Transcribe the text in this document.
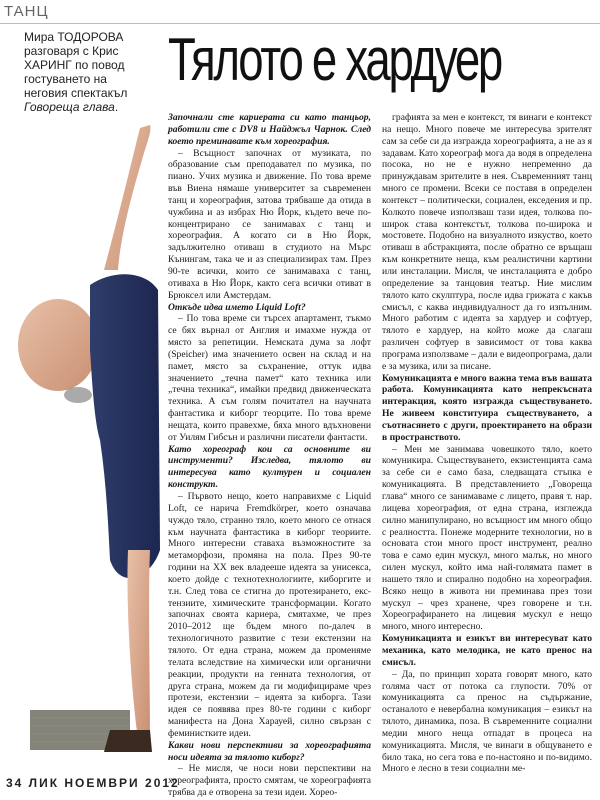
ТАНЦ
Мира ТОДОРОВА разговаря с Крис ХАРИНГ по повод гостуването на неговия спектакъл Говореща глава.
Тялото е хардуер

Започнали сте кариерата си като танцьор, работили сте с DV8 и Найджъл Чарнок. След което преминавате към хореография.

– Всъщност започнах от музиката, по образование съм преподавател по музика, по пиано. Учих музика и движение. По това време във Виена нямаше университет за съвременен танц и хореография, затова трябваше да отида в чужбина и аз избрах Ню Йорк, където вече по-концентрирано се занимавах с танц и хореография. А когато си в Ню Йорк, задължително отиваш в студиото на Мърс Кънингам, така че и аз специализирах там. През 90-те всички, които се занимаваха с танц, отиваха в Ню Йорк, както сега всички отиват в Брюксел или Амстердам.

Откъде идва името Liquid Loft?

– По това време си търсех апартамент, тъкмо се бях върнал от Англия и имахме нужда от място за репетиции. Немската дума за лофт (Speicher) има значението освен на склад и на памет, място за съхранение, оттук идва значението „течна памет“ като техника или „течна техника“, имайки предвид движенческата техника. А съм голям почитател на научната фантастика и киборг теорците. По това време нещата, които правехме, бяха много вдъхновени от Уилям Гибсън и различни писатели фантасти.

Като хореограф кои са основните ви инструменти? Изследва, тялото ви интересува като културен и социален конструкт.

– Първото нещо, което направихме с Liquid Loft, се нарича Fremdkörper, което означава чуждо тяло, странно тяло, което много се отнася към научната фантастика в киборг теориите. Много интересни ставаха възможностите за метаморфози, промяна на пола. През 90-те години на ХХ век владееше идеята за унисекса, което дойде с технотехнологиите, киборгите и т.н. След това се стигна до протезирането, екс-тензиите, химическите трансформации. Когато започнах своята кариера, смятахме, че през 2010–2012 ще бъдем много по-далеч в технологичното развитие с тези екстензии на тялото. От една страна, можем да променяме телата вследствие на химически или органични реакции, продукти на генната технология, от друга страна, можем да ги модифицираме чрез протези, екстензии – идеята за киборга. Тази идея се появява през 80-те години с киборг манифеста на Дона Харауей, силно свързан с феминистките идеи.

Какви нови перспективи за хореографията носи идеята за тялото киборг?

– Не мисля, че носи нови перспективи на хореографията, просто смятам, че хореографията трябва да е отворена за тези идеи. Хорео-

графията за мен е контекст, тя винаги е контекст на нещо. Много повече ме интересува зрителят сам за себе си да изгражда хореографията, а не аз я задавам. Като хореограф мога да водя в определена посока, но не е нужно непременно да принуждавам зрителите в нея. Съвременният танц много се промени. Всеки се поставя в определен контекст – политически, социален, екседения и пр. Колкото повече използваш тази идея, толкова по-широк става контекстът, толкова по-широка и мостовете. Подобно на визуалното изкуство, което отиваш в абстракцията, после обратно се връщаш към конкретните неща, към реалистични картини или инсталации. Мисля, че инсталацията е добро определение за танцовия театър. Ние мислим тялото като скулптура, после идва грижата с какъв смисъл, с каква индивидуалност да го изпълним. Много работим с идеята за хардуер и софтуер, тялото е хардуер, на който може да слагаш различен софтуер в зависимост от това каква програма използваме – дали е видеопрограма, дали е за музика, или за писане.

Комуникацията е много важна тема във вашата работа. Комуникацията като непрекъсната интеракция, която изгражда съществуването. Не живеем конституира съществуването, а съотнасянето с други, проектирането на образи в пространството.

– Мен ме занимава човешкото тяло, което комуникира. Съществуването, екзистенцията сама за себе си е само база, следващата стъпка е комуникацията. В представлението „Говореща глава“ много се занимаваме с лицето, правя т. нар. лицева хореография, от една страна, изглежда силно манипулирано, но всъщност им много общо с реалността. Понеже модерните технологии, но в основата стои много прост инструмент, реално това е само един мускул, много малък, но много силен мускул, който има най-голямата памет в нашето тяло и спирално подобно на хореография. Всяко нещо в живота ни преминава през този мускул – чрез хранене, чрез говорене и т.н. Хореографирането на лицевия мускул е нещо много, много интересно.

Комуникацията и езикът ви интересуват като механика, като мелодика, не като пренос на смисъл.

– Да, по принцип хората говорят много, като голяма част от потока са глупости. 70% от комуникацията са пренос на съдържание, останалото е невербална комуникация – езикът на тялото, динамика, поза. В съвременните социални медии много неща отпадат в процеса на комуникацията. Мисля, че винаги в общуването е било така, но сега това е по-настояно и по-видимо. Много е лесно в тези социални ме-

34 ЛИК НОЕМВРИ 2012
